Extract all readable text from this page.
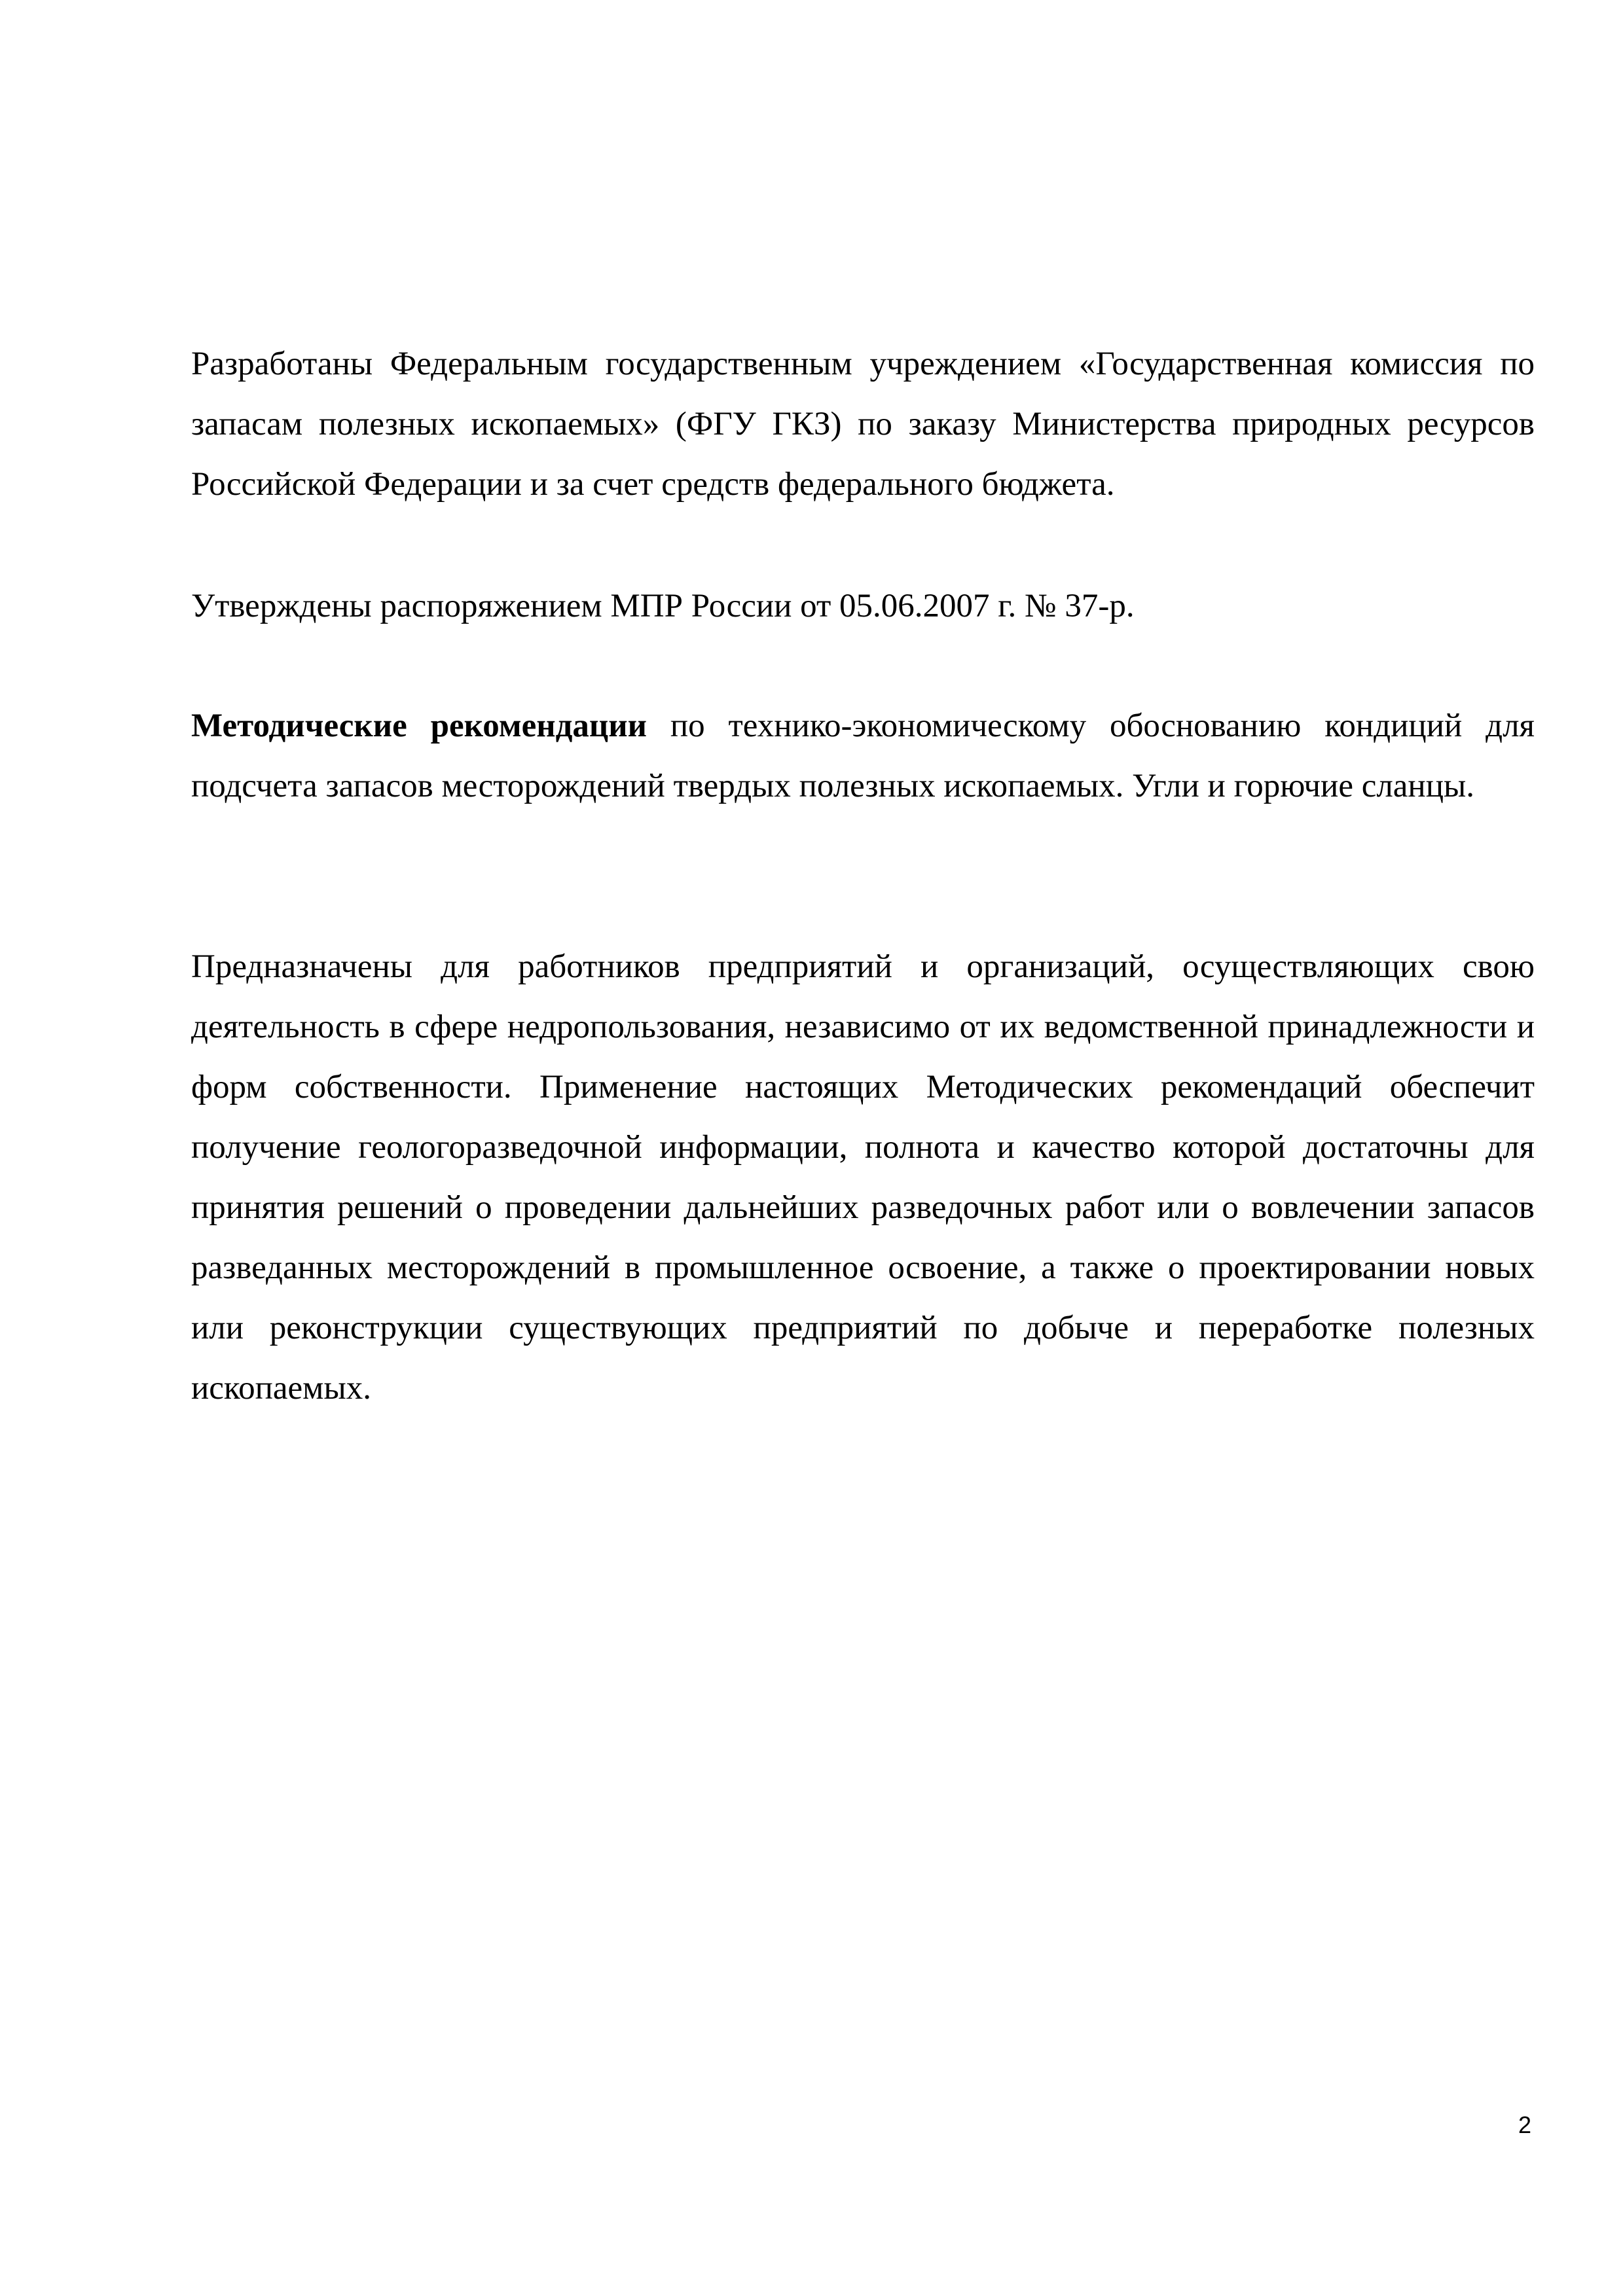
Разработаны Федеральным государственным учреждением «Государственная комиссия по запасам полезных ископаемых» (ФГУ ГКЗ) по заказу Министерства природных ресурсов Российской Федерации и за счет средств федерального бюджета.

Утверждены распоряжением МПР России от 05.06.2007 г. № 37-р.

Методические рекомендации по технико-экономическому обоснованию кондиций для подсчета запасов месторождений твердых полезных ископаемых. Угли и горючие сланцы.

Предназначены для работников предприятий и организаций, осуществляющих свою деятельность в сфере недропользования, независимо от их ведомственной принадлежности и форм собственности. Применение настоящих Методических рекомендаций обеспечит получение геологоразведочной информации, полнота и качество которой достаточны для принятия решений о проведении дальнейших разведочных работ или о вовлечении запасов разведанных месторождений в промышленное освоение, а также о проектировании новых или реконструкции существующих предприятий по добыче и переработке полезных ископаемых.

2
